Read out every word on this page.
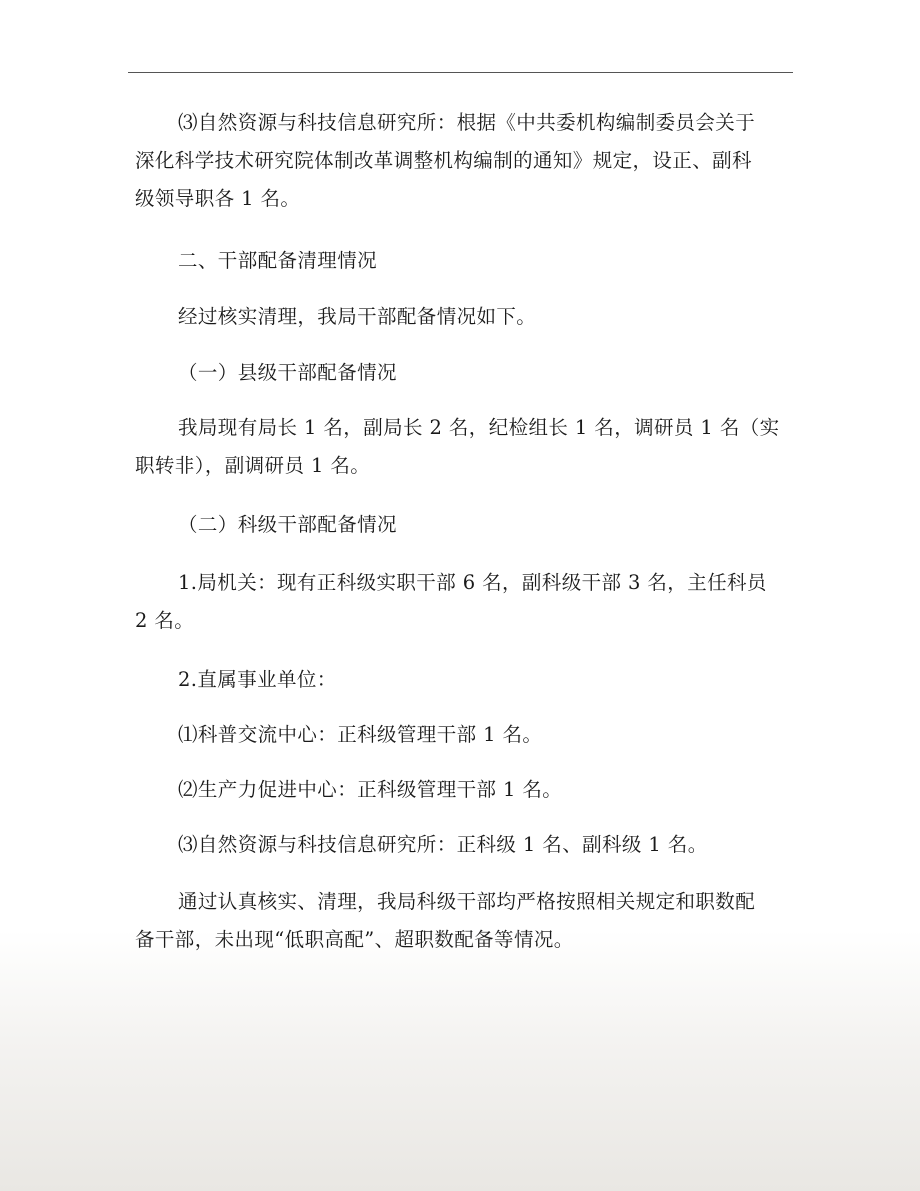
⑶自然资源与科技信息研究所：根据《中共委机构编制委员会关于
深化科学技术研究院体制改革调整机构编制的通知》规定，设正、副科
级领导职各 1 名。

二、干部配备清理情况

经过核实清理，我局干部配备情况如下。

（一）县级干部配备情况

我局现有局长 1 名，副局长 2 名，纪检组长 1 名，调研员 1 名（实
职转非），副调研员 1 名。

（二）科级干部配备情况

1.局机关：现有正科级实职干部 6 名，副科级干部 3 名，主任科员
2 名。

2.直属事业单位：

⑴科普交流中心：正科级管理干部 1 名。

⑵生产力促进中心：正科级管理干部 1 名。

⑶自然资源与科技信息研究所：正科级 1 名、副科级 1 名。

通过认真核实、清理，我局科级干部均严格按照相关规定和职数配
备干部，未出现“低职高配”、超职数配备等情况。
